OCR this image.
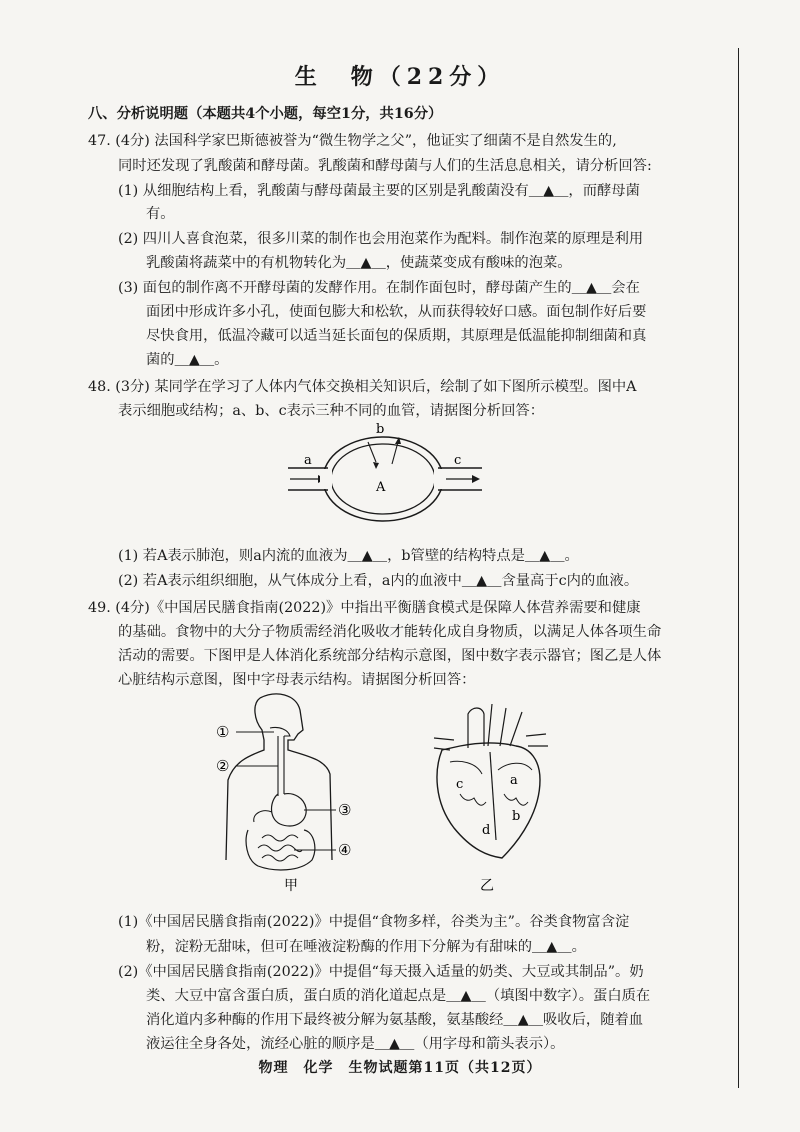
生　物（22分）
八、分析说明题（本题共4个小题，每空1分，共16分）
47. (4分) 法国科学家巴斯德被誉为“微生物学之父”，他证实了细菌不是自然发生的,
同时还发现了乳酸菌和酵母菌。乳酸菌和酵母菌与人们的生活息息相关，请分析回答:
(1) 从细胞结构上看，乳酸菌与酵母菌最主要的区别是乳酸菌没有＿▲＿，而酵母菌
有。
(2) 四川人喜食泡菜，很多川菜的制作也会用泡菜作为配料。制作泡菜的原理是利用
乳酸菌将蔬菜中的有机物转化为＿▲＿，使蔬菜变成有酸味的泡菜。
(3) 面包的制作离不开酵母菌的发酵作用。在制作面包时，酵母菌产生的＿▲＿会在
面团中形成许多小孔，使面包膨大和松软，从而获得较好口感。面包制作好后要
尽快食用，低温冷藏可以适当延长面包的保质期，其原理是低温能抑制细菌和真
菌的＿▲＿。
48. (3分) 某同学在学习了人体内气体交换相关知识后，绘制了如下图所示模型。图中A
表示细胞或结构；a、b、c表示三种不同的血管，请据图分析回答：
a
b
c
A
(1) 若A表示肺泡，则a内流的血液为＿▲＿，b管壁的结构特点是＿▲＿。
(2) 若A表示组织细胞，从气体成分上看，a内的血液中＿▲＿含量高于c内的血液。
49. (4分)《中国居民膳食指南(2022)》中指出平衡膳食模式是保障人体营养需要和健康
的基础。食物中的大分子物质需经消化吸收才能转化成自身物质，以满足人体各项生命
活动的需要。下图甲是人体消化系统部分结构示意图，图中数字表示器官；图乙是人体
心脏结构示意图，图中字母表示结构。请据图分析回答：
①
②
③
④
甲
a
b
c
d
乙
(1)《中国居民膳食指南(2022)》中提倡“食物多样，谷类为主”。谷类食物富含淀
粉，淀粉无甜味，但可在唾液淀粉酶的作用下分解为有甜味的＿▲＿。
(2)《中国居民膳食指南(2022)》中提倡“每天摄入适量的奶类、大豆或其制品”。奶
类、大豆中富含蛋白质，蛋白质的消化道起点是＿▲＿（填图中数字）。蛋白质在
消化道内多种酶的作用下最终被分解为氨基酸，氨基酸经＿▲＿吸收后，随着血
液运往全身各处，流经心脏的顺序是＿▲＿（用字母和箭头表示）。
物理　化学　生物试题第11页（共12页）
